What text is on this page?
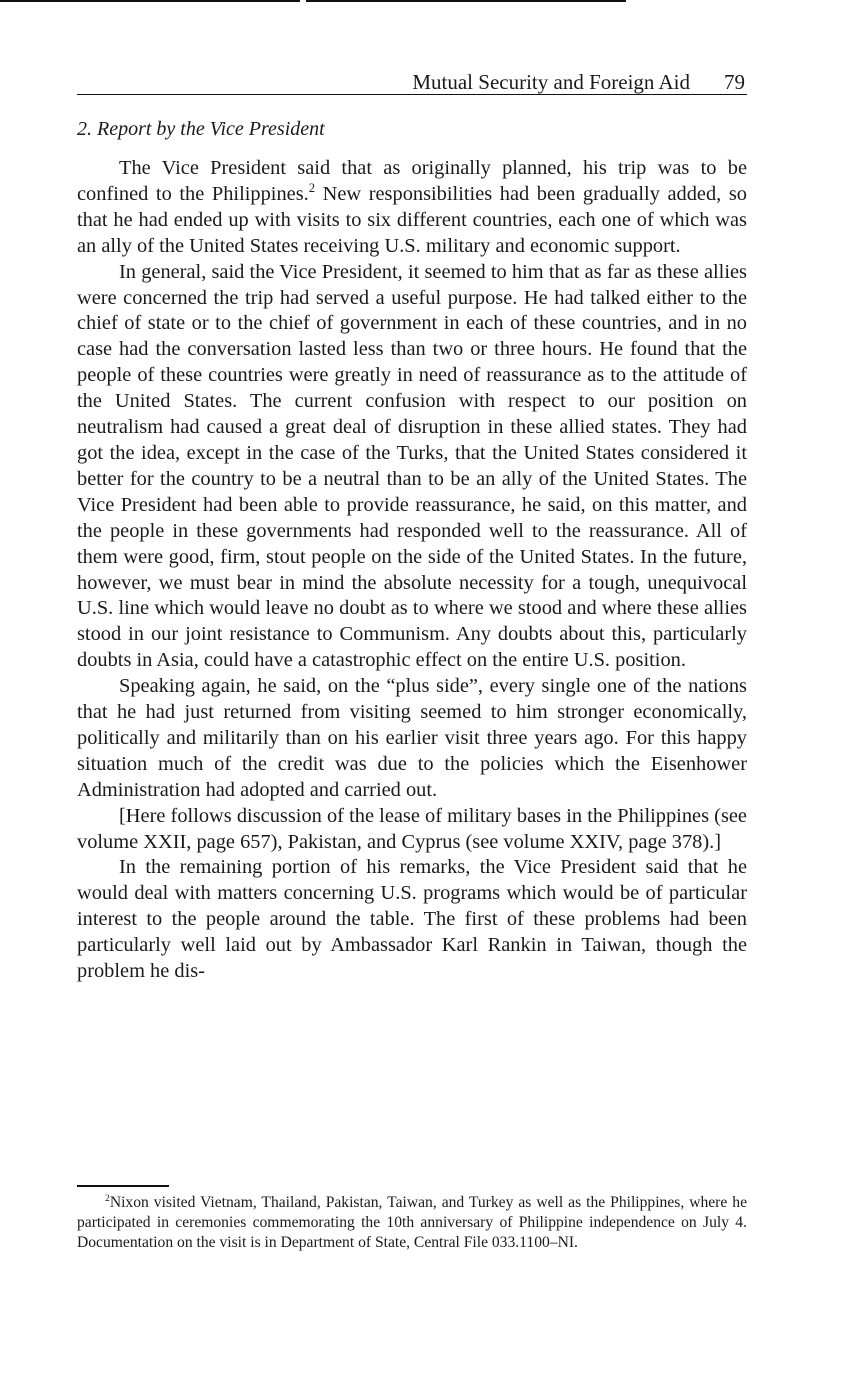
Mutual Security and Foreign Aid 79
2. Report by the Vice President

The Vice President said that as originally planned, his trip was to be confined to the Philippines.$^2$ New responsibilities had been gradually added, so that he had ended up with visits to six different countries, each one of which was an ally of the United States receiving U.S. military and economic support.

In general, said the Vice President, it seemed to him that as far as these allies were concerned the trip had served a useful purpose. He had talked either to the chief of state or to the chief of government in each of these countries, and in no case had the conversation lasted less than two or three hours. He found that the people of these countries were greatly in need of reassurance as to the attitude of the United States. The current confusion with respect to our position on neutralism had caused a great deal of disruption in these allied states. They had got the idea, except in the case of the Turks, that the United States considered it better for the country to be a neutral than to be an ally of the United States. The Vice President had been able to provide reassurance, he said, on this matter, and the people in these governments had responded well to the reassurance. All of them were good, firm, stout people on the side of the United States. In the future, however, we must bear in mind the absolute necessity for a tough, unequivocal U.S. line which would leave no doubt as to where we stood and where these allies stood in our joint resistance to Communism. Any doubts about this, particularly doubts in Asia, could have a catastrophic effect on the entire U.S. position.

Speaking again, he said, on the “plus side”, every single one of the nations that he had just returned from visiting seemed to him stronger economically, politically and militarily than on his earlier visit three years ago. For this happy situation much of the credit was due to the policies which the Eisenhower Administration had adopted and carried out.

[Here follows discussion of the lease of military bases in the Philippines (see volume XXII, page 657), Pakistan, and Cyprus (see volume XXIV, page 378).]

In the remaining portion of his remarks, the Vice President said that he would deal with matters concerning U.S. programs which would be of particular interest to the people around the table. The first of these problems had been particularly well laid out by Ambassador Karl Rankin in Taiwan, though the problem he dis-

$^2$Nixon visited Vietnam, Thailand, Pakistan, Taiwan, and Turkey as well as the Philippines, where he participated in ceremonies commemorating the 10th anniversary of Philippine independence on July 4. Documentation on the visit is in Department of State, Central File 033.1100–NI.
